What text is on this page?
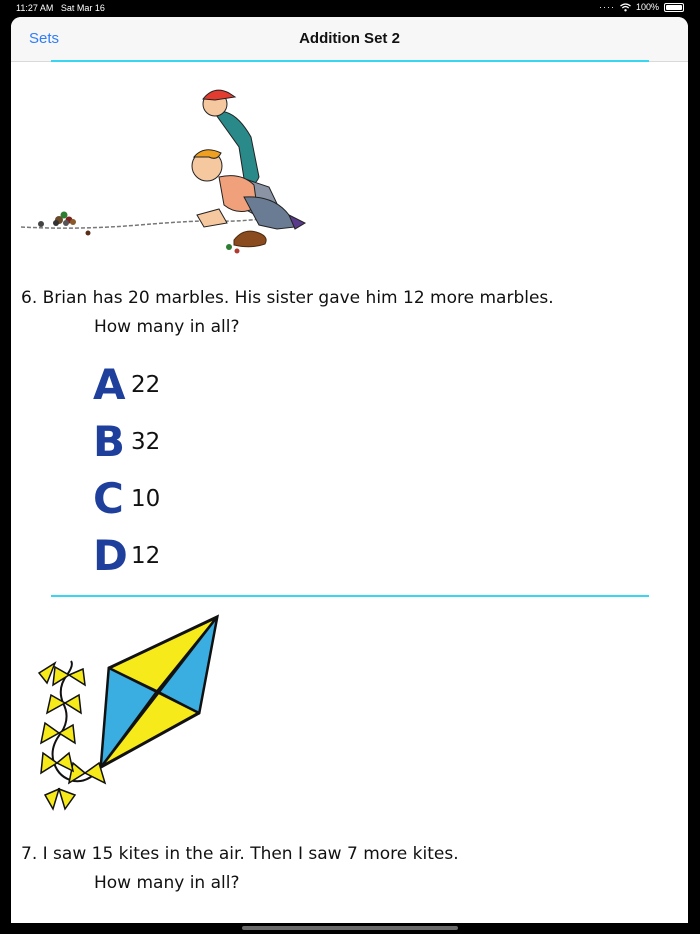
11:27 AM Sat Mar 16	···· 100%
Sets	Addition Set 2
6. Brian has 20 marbles. His sister gave him 12 more marbles.
How many in all?
A 22
B 32
C 10
D 12
7. I saw 15 kites in the air. Then I saw 7 more kites.
How many in all?
